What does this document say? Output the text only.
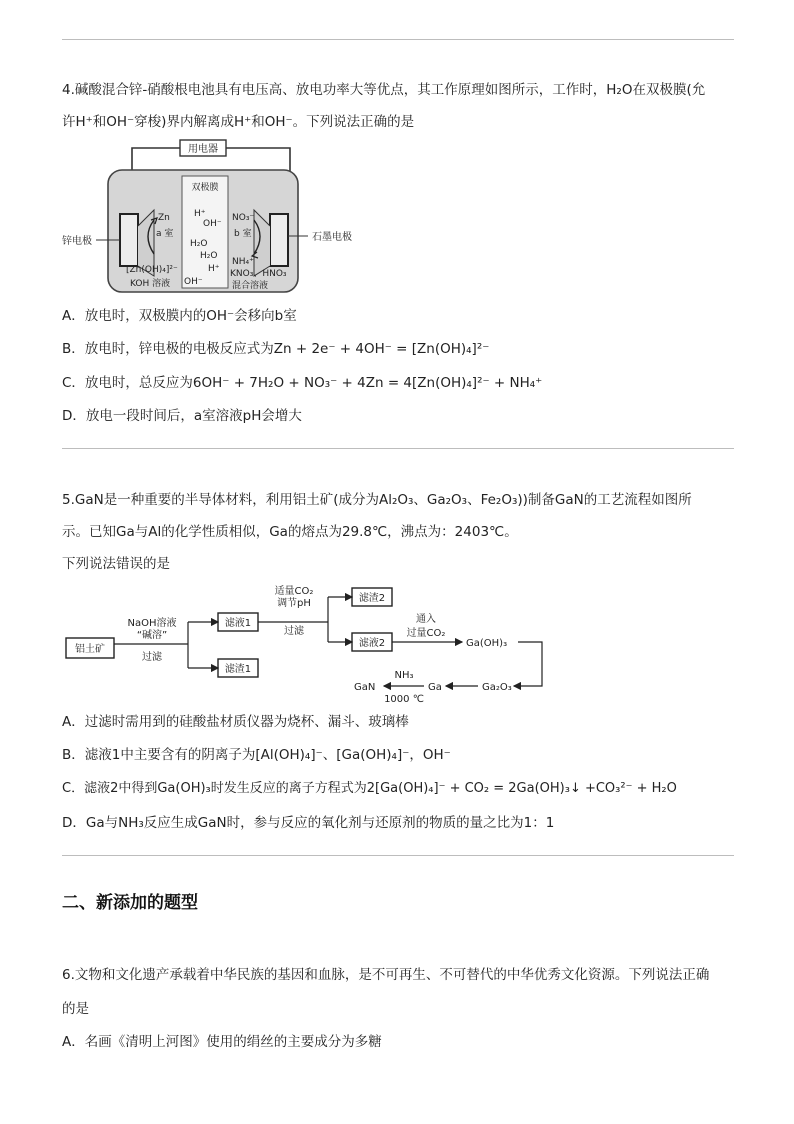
4.碱酸混合锌-硝酸根电池具有电压高、放电功率大等优点，其工作原理如图所示，工作时，H₂O在双极膜(允
许H⁺和OH⁻穿梭)界内解离成H⁺和OH⁻。下列说法正确的是
用电器
锌电极	石墨电极
双极膜
Zn
a 室
NO₃⁻
b 室
H⁺
OH⁻
H₂O
H₂O
H⁺
OH⁻
NH₄⁺
[Zn(OH)₄]²⁻
KOH 溶液
KNO₃、HNO₃
混合溶液
A．放电时，双极膜内的OH⁻会移向b室
B．放电时，锌电极的电极反应式为Zn + 2e⁻ + 4OH⁻ = [Zn(OH)₄]²⁻
C．放电时，总反应为6OH⁻ + 7H₂O + NO₃⁻ + 4Zn = 4[Zn(OH)₄]²⁻ + NH₄⁺
D．放电一段时间后，a室溶液pH会增大
5.GaN是一种重要的半导体材料，利用铝土矿(成分为Al₂O₃、Ga₂O₃、Fe₂O₃))制备GaN的工艺流程如图所
示。已知Ga与Al的化学性质相似，Ga的熔点为29.8℃，沸点为：2403℃。
下列说法错误的是
铝土矿
滤液1
滤渣1
滤渣2
滤液2
NaOH溶液
“碱溶”
过滤
适量CO₂
调节pH
过滤
通入
过量CO₂
Ga(OH)₃
Ga₂O₃
Ga
NH₃
1000 ℃
GaN
A．过滤时需用到的硅酸盐材质仪器为烧杯、漏斗、玻璃棒
B．滤液1中主要含有的阴离子为[Al(OH)₄]⁻、[Ga(OH)₄]⁻，OH⁻
C．滤液2中得到Ga(OH)₃时发生反应的离子方程式为2[Ga(OH)₄]⁻ + CO₂ = 2Ga(OH)₃↓ +CO₃²⁻ + H₂O
D．Ga与NH₃反应生成GaN时，参与反应的氧化剂与还原剂的物质的量之比为1：1
二、新添加的题型
6.文物和文化遗产承载着中华民族的基因和血脉，是不可再生、不可替代的中华优秀文化资源。下列说法正确
的是
A．名画《清明上河图》使用的绢丝的主要成分为多糖
